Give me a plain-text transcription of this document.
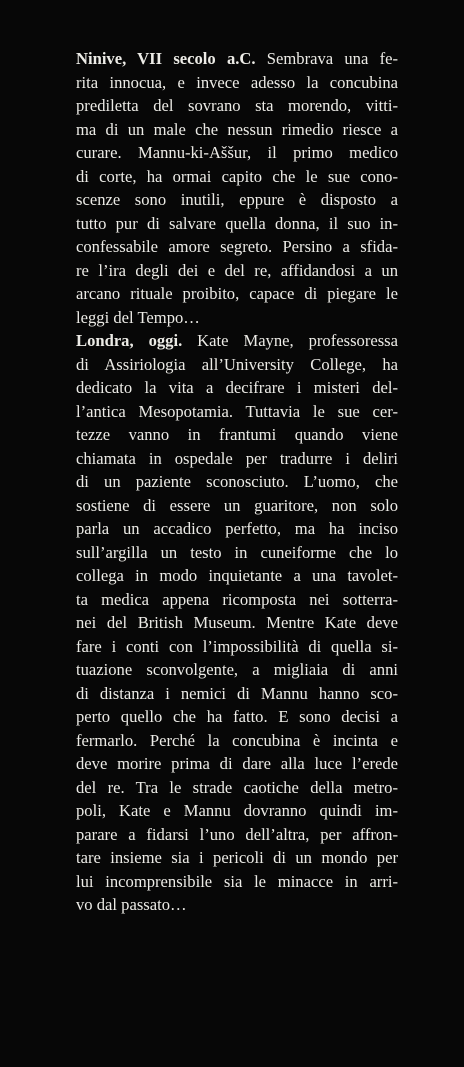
Ninive, VII secolo a.C. Sembrava una fe-
rita innocua, e invece adesso la concubina
prediletta del sovrano sta morendo, vitti-
ma di un male che nessun rimedio riesce a
curare. Mannu-ki-Aššur, il primo medico
di corte, ha ormai capito che le sue cono-
scenze sono inutili, eppure è disposto a
tutto pur di salvare quella donna, il suo in-
confessabile amore segreto. Persino a sfida-
re l’ira degli dei e del re, affidandosi a un
arcano rituale proibito, capace di piegare le
leggi del Tempo…
Londra, oggi. Kate Mayne, professoressa
di Assiriologia all’University College, ha
dedicato la vita a decifrare i misteri del-
l’antica Mesopotamia. Tuttavia le sue cer-
tezze vanno in frantumi quando viene
chiamata in ospedale per tradurre i deliri
di un paziente sconosciuto. L’uomo, che
sostiene di essere un guaritore, non solo
parla un accadico perfetto, ma ha inciso
sull’argilla un testo in cuneiforme che lo
collega in modo inquietante a una tavolet-
ta medica appena ricomposta nei sotterra-
nei del British Museum. Mentre Kate deve
fare i conti con l’impossibilità di quella si-
tuazione sconvolgente, a migliaia di anni
di distanza i nemici di Mannu hanno sco-
perto quello che ha fatto. E sono decisi a
fermarlo. Perché la concubina è incinta e
deve morire prima di dare alla luce l’erede
del re. Tra le strade caotiche della metro-
poli, Kate e Mannu dovranno quindi im-
parare a fidarsi l’uno dell’altra, per affron-
tare insieme sia i pericoli di un mondo per
lui incomprensibile sia le minacce in arri-
vo dal passato…
